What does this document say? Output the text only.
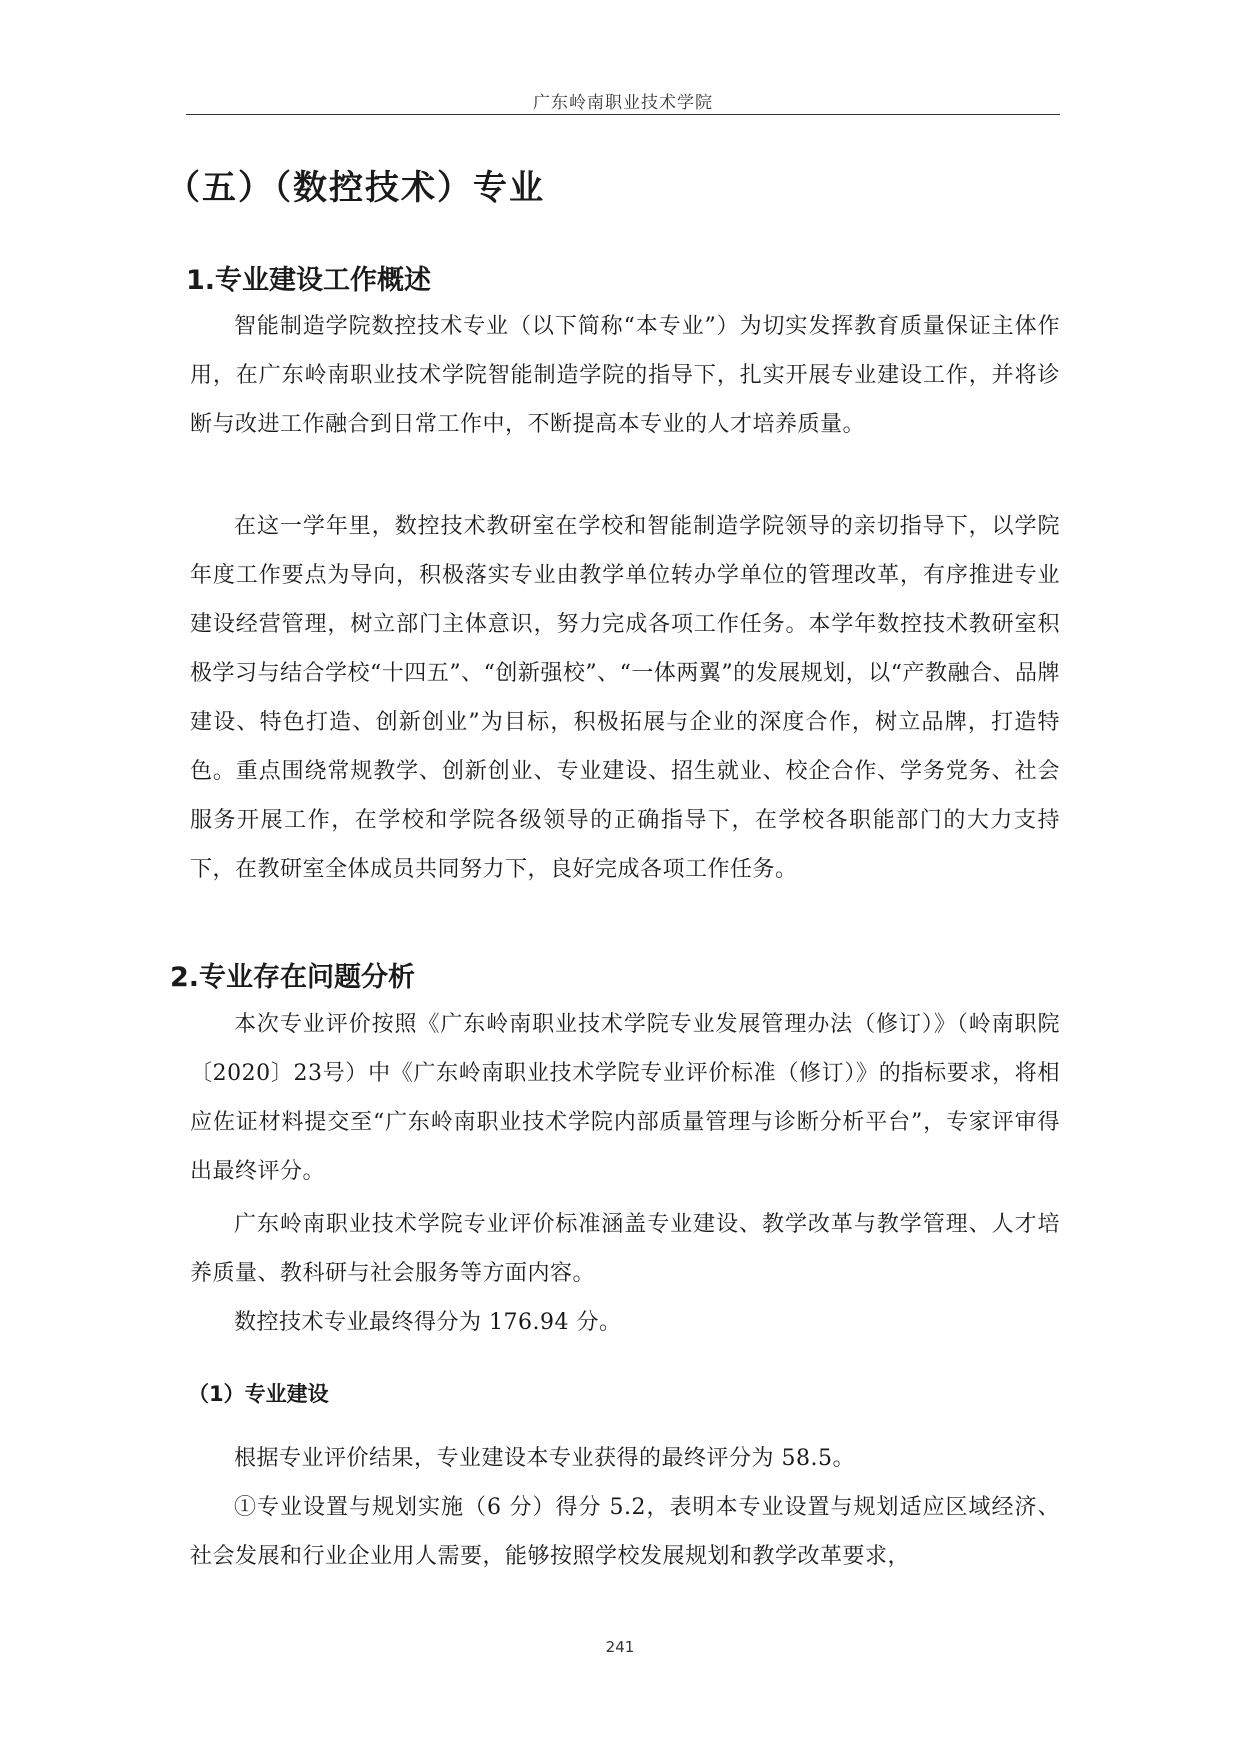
广东岭南职业技术学院
（五）（数控技术）专业
1.专业建设工作概述

智能制造学院数控技术专业（以下简称“本专业”）为切实发挥教育质量保证主体作用，在广东岭南职业技术学院智能制造学院的指导下，扎实开展专业建设工作，并将诊断与改进工作融合到日常工作中，不断提高本专业的人才培养质量。

在这一学年里，数控技术教研室在学校和智能制造学院领导的亲切指导下，以学院年度工作要点为导向，积极落实专业由教学单位转办学单位的管理改革，有序推进专业建设经营管理，树立部门主体意识，努力完成各项工作任务。本学年数控技术教研室积极学习与结合学校“十四五”、“创新强校”、“一体两翼”的发展规划，以“产教融合、品牌建设、特色打造、创新创业”为目标，积极拓展与企业的深度合作，树立品牌，打造特色。重点围绕常规教学、创新创业、专业建设、招生就业、校企合作、学务党务、社会服务开展工作，在学校和学院各级领导的正确指导下，在学校各职能部门的大力支持下，在教研室全体成员共同努力下，良好完成各项工作任务。

2.专业存在问题分析

本次专业评价按照《广东岭南职业技术学院专业发展管理办法（修订）》（岭南职院〔2020〕23号）中《广东岭南职业技术学院专业评价标准（修订）》的指标要求，将相应佐证材料提交至“广东岭南职业技术学院内部质量管理与诊断分析平台”，专家评审得出最终评分。

广东岭南职业技术学院专业评价标准涵盖专业建设、教学改革与教学管理、人才培养质量、教科研与社会服务等方面内容。

数控技术专业最终得分为 176.94 分。

（1）专业建设

根据专业评价结果，专业建设本专业获得的最终评分为 58.5。

①专业设置与规划实施（6 分）得分 5.2，表明本专业设置与规划适应区域经济、社会发展和行业企业用人需要，能够按照学校发展规划和教学改革要求，

241
